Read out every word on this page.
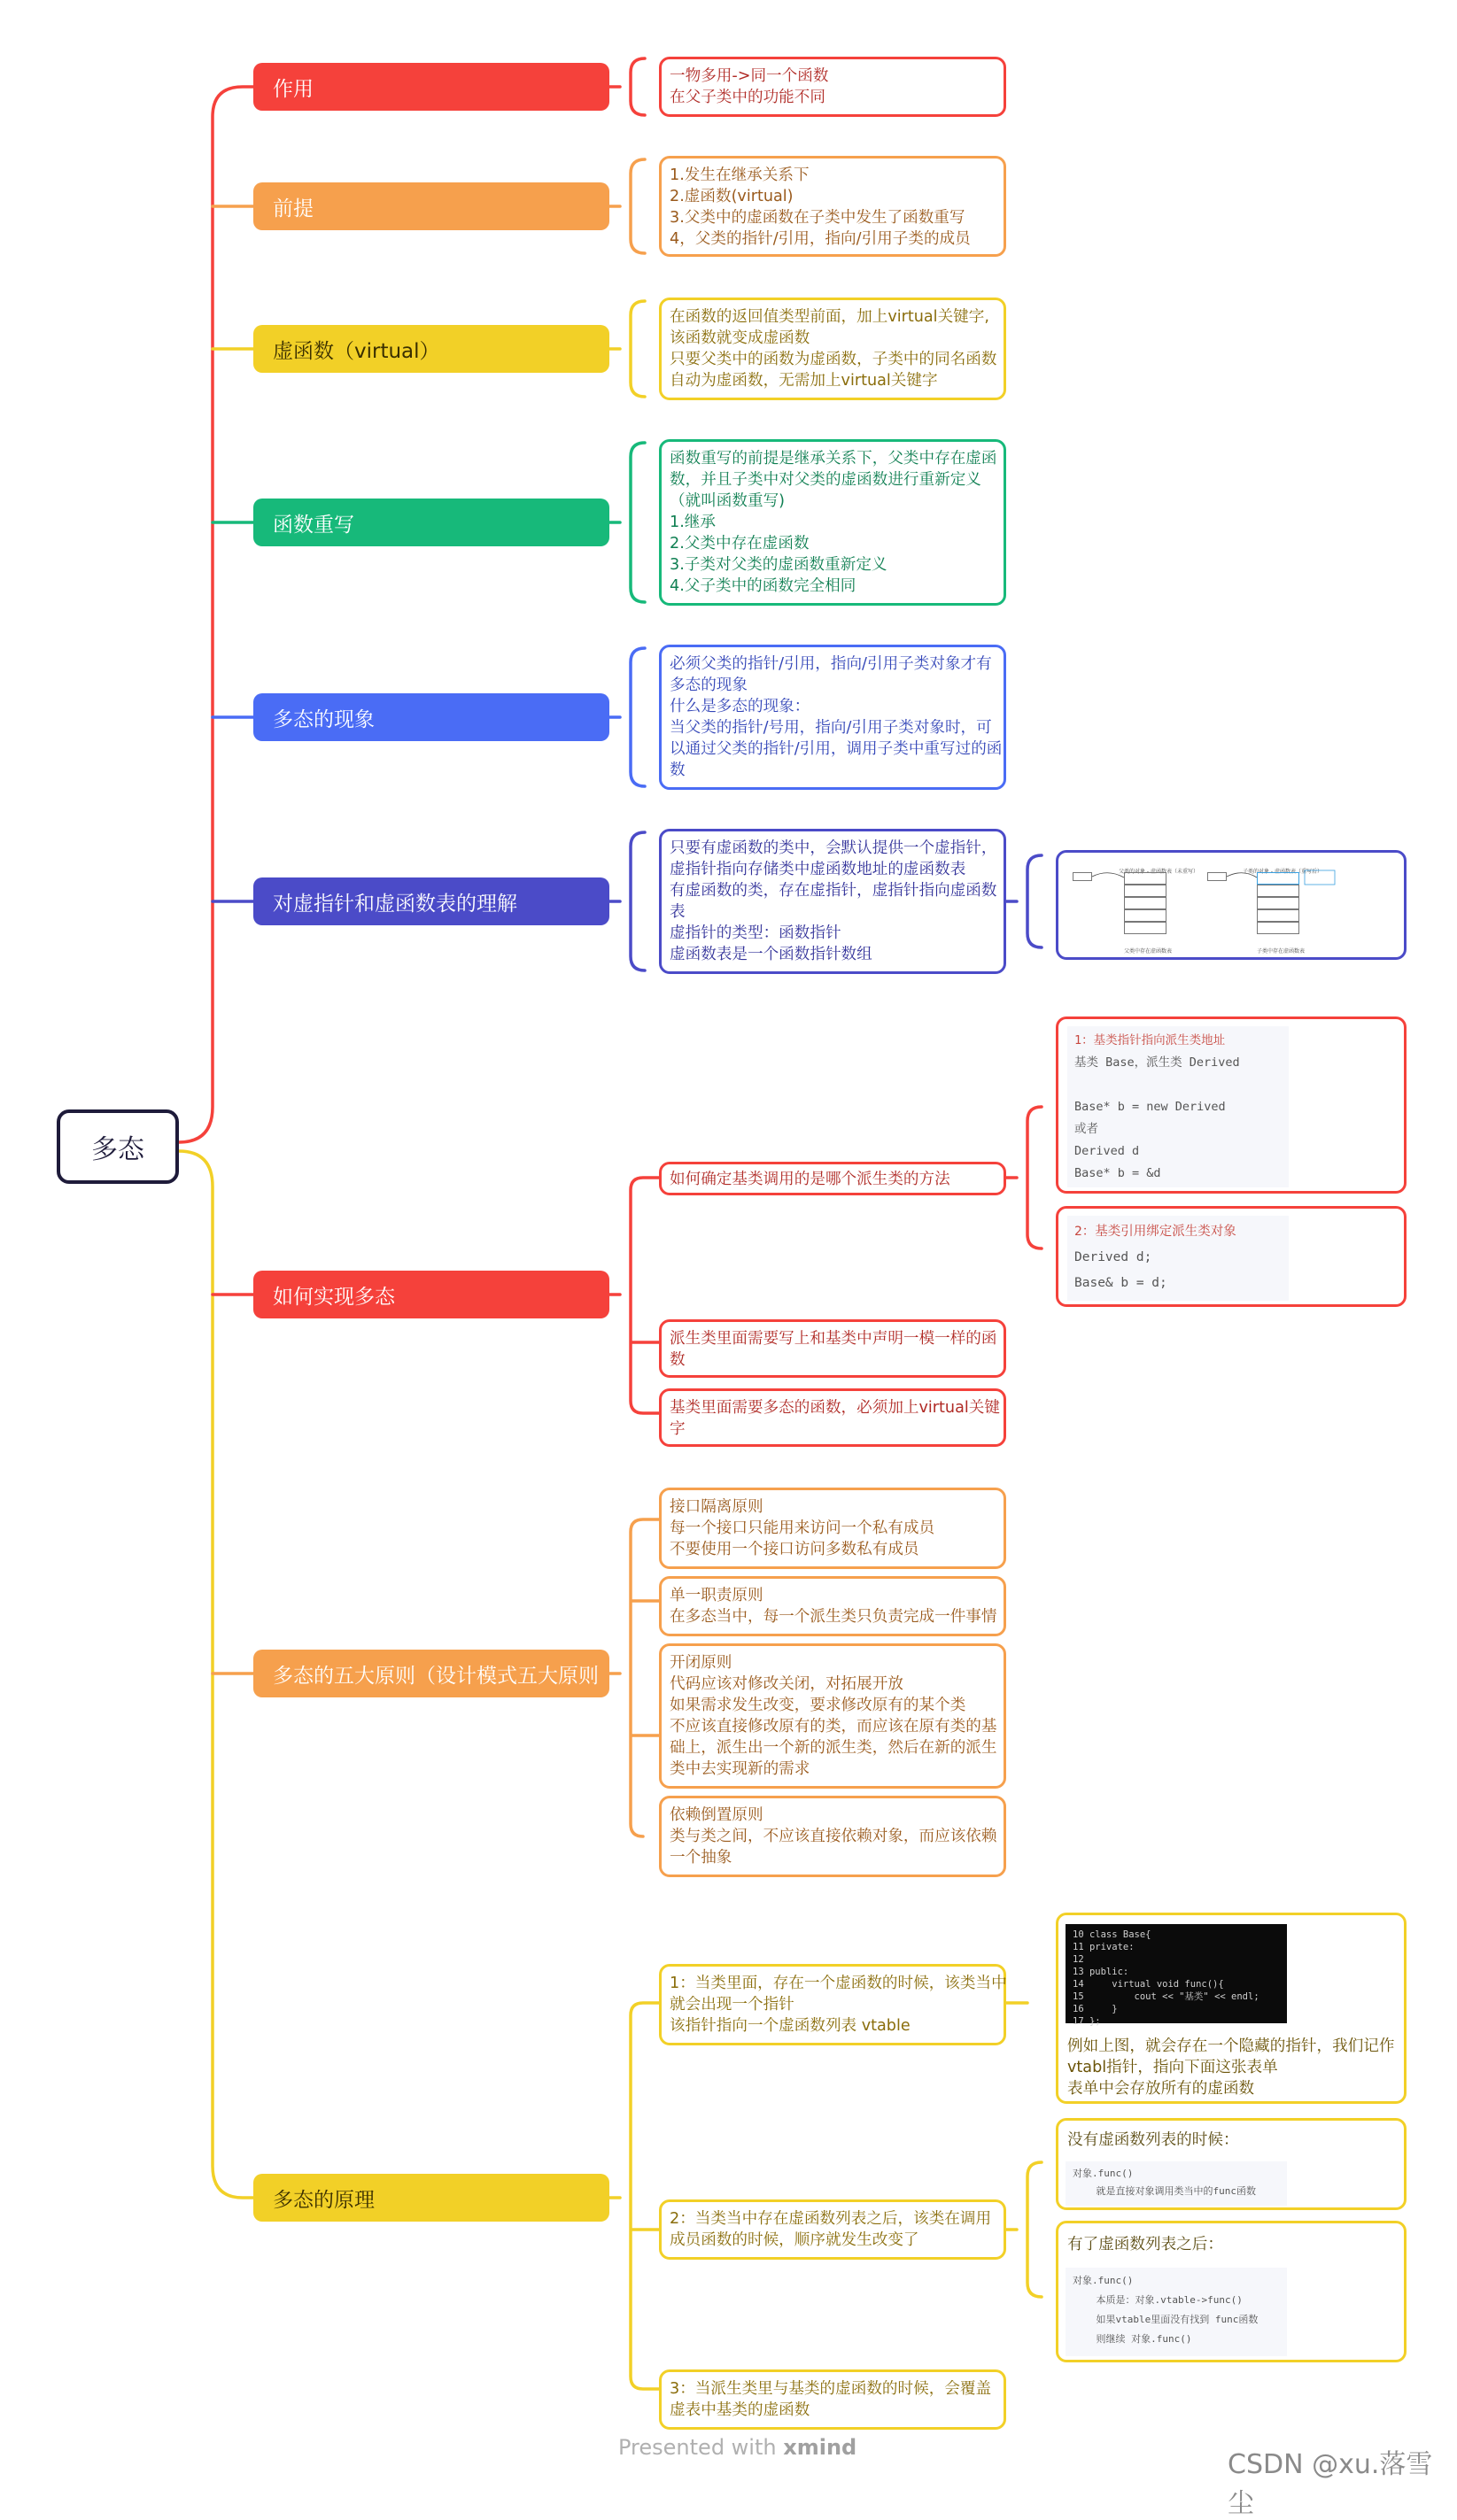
多态
作用
前提
虚函数（virtual）
函数重写
多态的现象
对虚指针和虚函数表的理解
如何实现多态
多态的五大原则（设计模式五大原则
多态的原理
一物多用->同一个函数
在父子类中的功能不同
1.发生在继承关系下
2.虚函数(virtual)
3.父类中的虚函数在子类中发生了函数重写
4，父类的指针/引用，指向/引用子类的成员
在函数的返回值类型前面，加上virtual关键字,
该函数就变成虚函数
只要父类中的函数为虚函数，子类中的同名函数
自动为虚函数，无需加上virtual关键字
函数重写的前提是继承关系下，父类中存在虚函
数，并且子类中对父类的虚函数进行重新定义
（就叫函数重写)
1.继承
2.父类中存在虚函数
3.子类对父类的虚函数重新定义
4.父子类中的函数完全相同
必须父类的指针/引用，指向/引用子类对象才有
多态的现象
什么是多态的现象：
当父类的指针/号用，指向/引用子类对象时，可
以通过父类的指针/引用，调用子类中重写过的函
数
只要有虚函数的类中，会默认提供一个虚指针，
虚指针指向存储类中虚函数地址的虚函数表
有虚函数的类，存在虚指针，虚指针指向虚函数
表
虚指针的类型：函数指针
虚函数表是一个函数指针数组
父类的对象 - 虚函数表（未重写）	子类的对象 - 虚函数表（重写后）
父类中存在虚函数表	子类中存在虚函数表
如何确定基类调用的是哪个派生类的方法
1：基类指针指向派生类地址
基类 Base，派生类 Derived

Base* b = new Derived
或者
Derived d
Base* b = &d
2：基类引用绑定派生类对象
Derived d;
Base& b = d;
派生类里面需要写上和基类中声明一模一样的函
数
基类里面需要多态的函数，必须加上virtual关键
字
接口隔离原则
每一个接口只能用来访问一个私有成员
不要使用一个接口访问多数私有成员
单一职责原则
在多态当中，每一个派生类只负责完成一件事情
开闭原则
代码应该对修改关闭，对拓展开放
如果需求发生改变，要求修改原有的某个类
不应该直接修改原有的类，而应该在原有类的基
础上，派生出一个新的派生类，然后在新的派生
类中去实现新的需求
依赖倒置原则
类与类之间，不应该直接依赖对象，而应该依赖
一个抽象
1：当类里面，存在一个虚函数的时候，该类当中
就会出现一个指针
该指针指向一个虚函数列表 vtable
10 class Base{
11 private:
12
13 public:
14     virtual void func(){
15         cout << "基类" << endl;
16     }
17 };
例如上图，就会存在一个隐藏的指针，我们记作
vtabl指针，指向下面这张表单
表单中会存放所有的虚函数
2：当类当中存在虚函数列表之后，该类在调用
成员函数的时候，顺序就发生改变了
没有虚函数列表的时候：
对象.func()
就是直接对象调用类当中的func函数
有了虚函数列表之后：
对象.func()
本质是：对象.vtable->func()
如果vtable里面没有找到 func函数
则继续 对象.func()
3：当派生类里与基类的虚函数的时候，会覆盖
虚表中基类的虚函数
Presented with xmind
CSDN @xu.落雪尘
